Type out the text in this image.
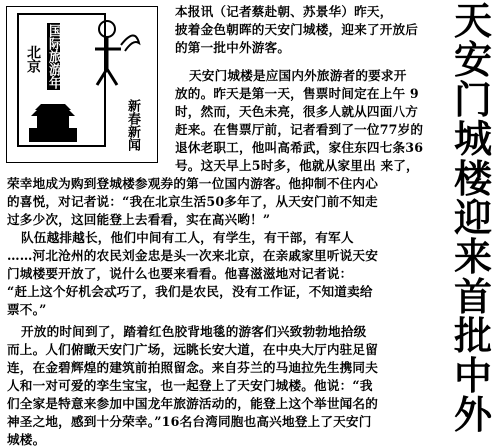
本报讯（记者蔡赴朝、苏景华）昨天，
披着金色朝晖的天安门城楼，迎来了开放后
的第一批中外游客。
天安门城楼是应国内外旅游者的要求开
放的。昨天是第一天，售票时间定在上午 9
时，然而，天色未亮，很多人就从四面八方
赶来。在售票厅前，记者看到了一位77岁的
退休老职工，他叫高希武，家住东四七条36
号。这天早上5时多，他就从家里出 来了，
荣幸地成为购到登城楼参观券的第一位国内游客。他抑制不住内心
的喜悦，对记者说：“我在北京生活50多年了，从天安门前不知走
过多少次，这回能登上去看看，实在高兴哟！”
队伍越排越长，他们中间有工人，有学生，有干部，有军人
……河北沧州的农民刘金忠是头一次来北京，在亲戚家里听说天安
门城楼要开放了，说什么也要来看看。他喜滋滋地对记者说：
“赶上这个好机会忒巧了，我们是农民，没有工作证，不知道卖给
票不。”
开放的时间到了，踏着红色胶背地毯的游客们兴致勃勃地拾级
而上。人们俯瞰天安门广场，远眺长安大道，在中央大厅内驻足留
连，在金碧辉煌的建筑前拍照留念。来自芬兰的马迪拉先生携同夫
人和一对可爱的孪生宝宝，也一起登上了天安门城楼。他说：“我
们全家是特意来参加中国龙年旅游活动的，能登上这个举世闻名的
神圣之地，感到十分荣幸。”16名台湾同胞也高兴地登上了天安门
城楼。
北京 国际旅游年
新春新闻
天
安
门
城
楼
迎
来
首
批
中
外
